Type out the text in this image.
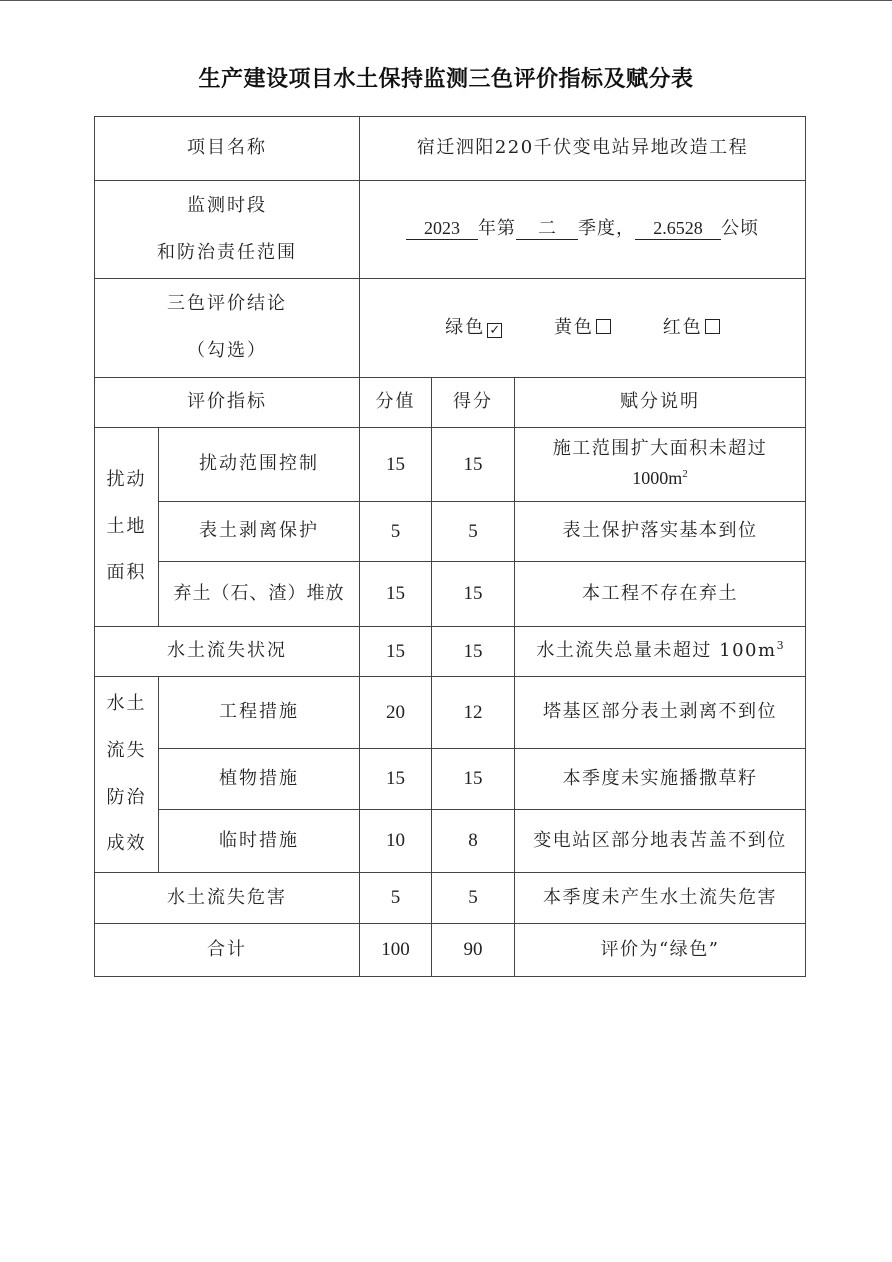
生产建设项目水土保持监测三色评价指标及赋分表
项目名称		宿迁泗阳220千伏变电站异地改造工程		
监测时段
和防治责任范围		2023 年第 二 季度， 2.6528 公顷		
三色评价结论
（勾选）		绿色 ✓ 黄色 红色		
评价指标		分值	得分	赋分说明
扰动
土地
面积	扰动范围控制	15	15	施工范围扩大面积未超过
$1000m^2$
	表土剥离保护	5	5	表土保护落实基本到位
	弃土（石、渣）堆放	15	15	本工程不存在弃土
水土流失状况		15	15	水土流失总量未超过 $100m^3$
水土
流失
防治
成效	工程措施	20	12	塔基区部分表土剥离不到位
	植物措施	15	15	本季度未实施播撒草籽
	临时措施	10	8	变电站区部分地表苫盖不到位
水土流失危害		5	5	本季度未产生水土流失危害
合计		100	90	评价为“绿色”
